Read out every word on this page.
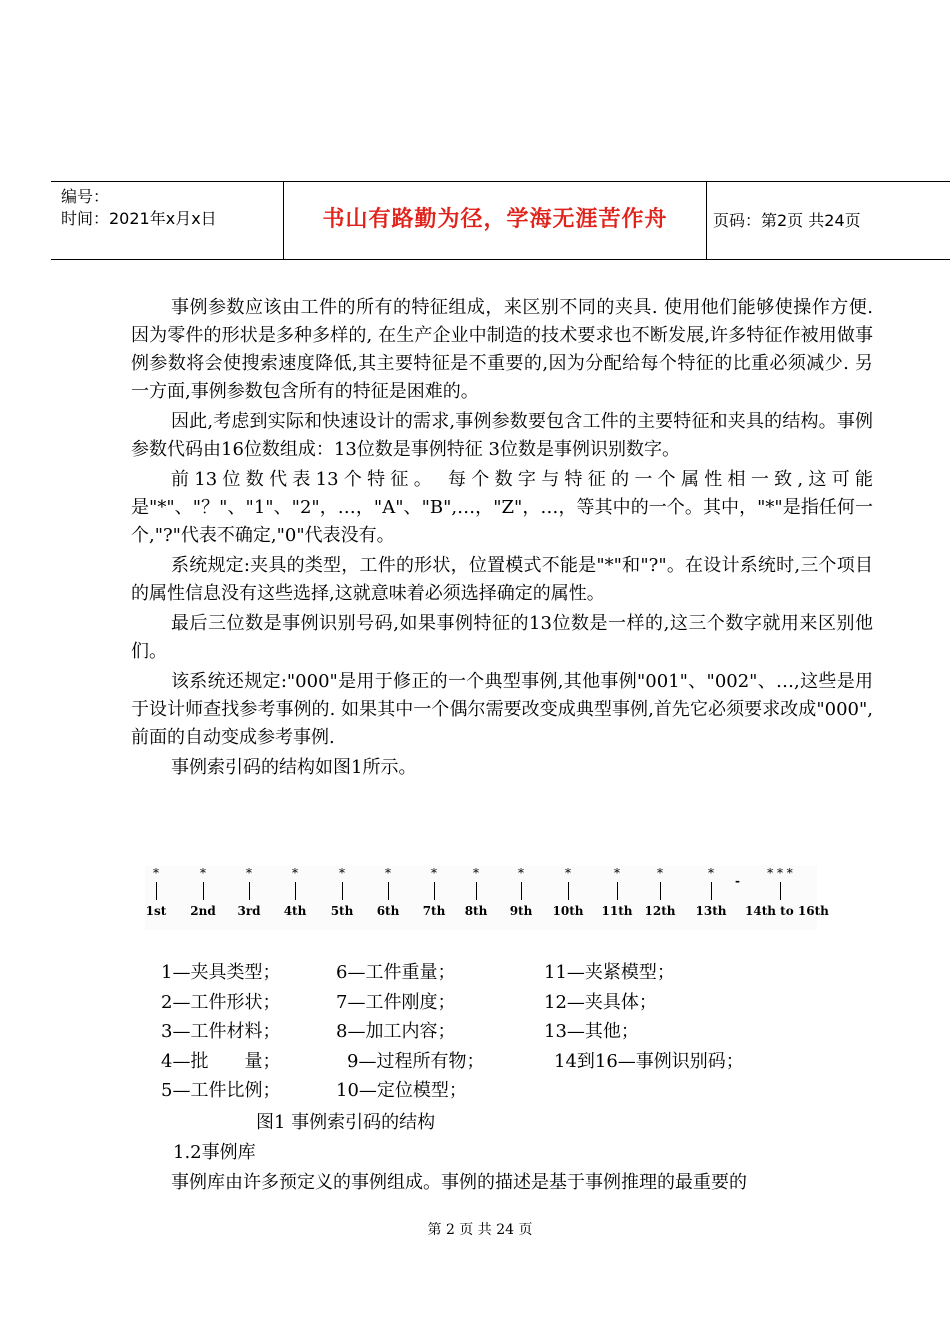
编号：
时间：2021年x月x日	书山有路勤为径，学海无涯苦作舟	页码：第2页 共24页

事例参数应该由工件的所有的特征组成，来区别不同的夹具. 使用他们能够使操作方便. 因为零件的形状是多种多样的, 在生产企业中制造的技术要求也不断发展,许多特征作被用做事例参数将会使搜索速度降低,其主要特征是不重要的,因为分配给每个特征的比重必须减少. 另一方面,事例参数包含所有的特征是困难的。

因此,考虑到实际和快速设计的需求,事例参数要包含工件的主要特征和夹具的结构。事例参数代码由16位数组成：13位数是事例特征 3位数是事例识别数字。

前13位数代表13个特征。 每个数字与特征的一个属性相一致,这可能是"*"、"？"、"1"、"2"，…，"A"、"B",…，"Z"，…，等其中的一个。其中，"*"是指任何一个,"?"代表不确定,"0"代表没有。

系统规定:夹具的类型，工件的形状，位置模式不能是"*"和"?"。在设计系统时,三个项目的属性信息没有这些选择,这就意味着必须选择确定的属性。

最后三位数是事例识别号码,如果事例特征的13位数是一样的,这三个数字就用来区别他们。

该系统还规定:"000"是用于修正的一个典型事例,其他事例"001"、"002"、…,这些是用于设计师查找参考事例的. 如果其中一个偶尔需要改变成典型事例,首先它必须要求改成"000",前面的自动变成参考事例.

事例索引码的结构如图1所示。

-
*
1st
*
2nd
*
3rd
*
4th
*
5th
*
6th
*
7th
*
8th
*
9th
*
10th
*
11th
*
12th
*
13th
* * *
14th to 16th
1—夹具类型；	6—工件重量；	11—夹紧模型；
2—工件形状；	7—工件刚度；	12—夹具体；
3—工件材料；	8—加工内容；	13—其他；
4—批　　量；	9—过程所有物；	14到16—事例识别码；
5—工件比例；	10—定位模型；
图1 事例索引码的结构
1.2事例库
事例库由许多预定义的事例组成。事例的描述是基于事例推理的最重要的
第 2 页 共 24 页
